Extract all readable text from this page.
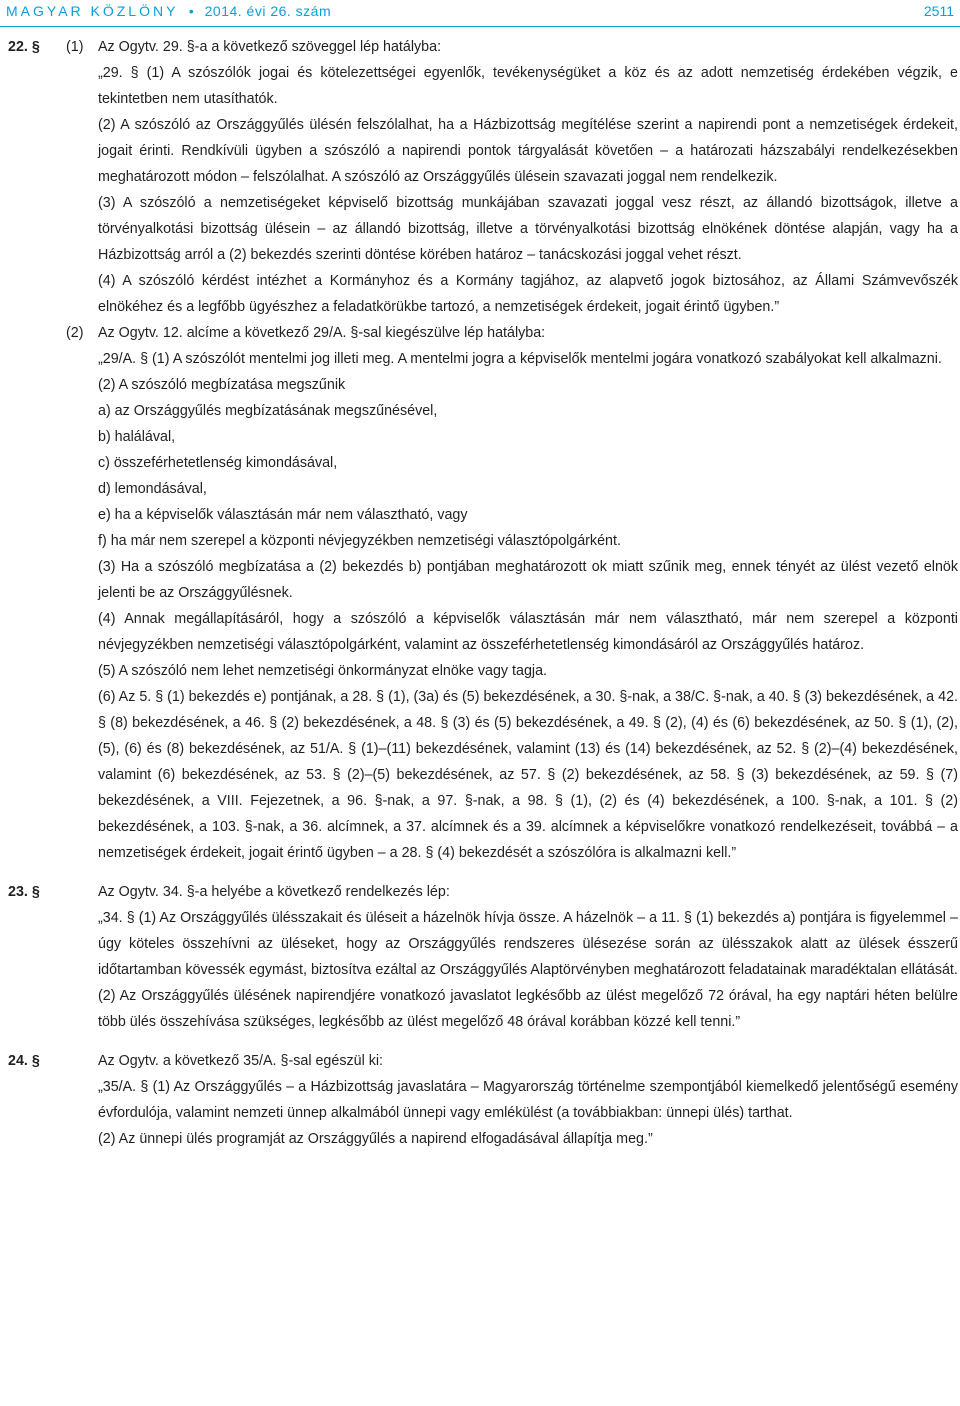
MAGYAR KÖZLÖNY • 2014. évi 26. szám	2511
22. § (1) Az Ogytv. 29. §-a a következő szöveggel lép hatályba:

„29. § (1) A szószólók jogai és kötelezettségei egyenlők, tevékenységüket a köz és az adott nemzetiség érdekében végzik, e tekintetben nem utasíthatók.

(2) A szószóló az Országgyűlés ülésén felszólalhat, ha a Házbizottság megítélése szerint a napirendi pont a nemzetiségek érdekeit, jogait érinti. Rendkívüli ügyben a szószóló a napirendi pontok tárgyalását követően – a határozati házszabályi rendelkezésekben meghatározott módon – felszólalhat. A szószóló az Országgyűlés ülésein szavazati joggal nem rendelkezik.

(3) A szószóló a nemzetiségeket képviselő bizottság munkájában szavazati joggal vesz részt, az állandó bizottságok, illetve a törvényalkotási bizottság ülésein – az állandó bizottság, illetve a törvényalkotási bizottság elnökének döntése alapján, vagy ha a Házbizottság arról a (2) bekezdés szerinti döntése körében határoz – tanácskozási joggal vehet részt.

(4) A szószóló kérdést intézhet a Kormányhoz és a Kormány tagjához, az alapvető jogok biztosához, az Állami Számvevőszék elnökéhez és a legfőbb ügyészhez a feladatkörükbe tartozó, a nemzetiségek érdekeit, jogait érintő ügyben.”

(2) Az Ogytv. 12. alcíme a következő 29/A. §-sal kiegészülve lép hatályba:

„29/A. § (1) A szószólót mentelmi jog illeti meg. A mentelmi jogra a képviselők mentelmi jogára vonatkozó szabályokat kell alkalmazni.

(2) A szószóló megbízatása megszűnik

a) az Országgyűlés megbízatásának megszűnésével,

b) halálával,

c) összeférhetetlenség kimondásával,

d) lemondásával,

e) ha a képviselők választásán már nem választható, vagy

f) ha már nem szerepel a központi névjegyzékben nemzetiségi választópolgárként.

(3) Ha a szószóló megbízatása a (2) bekezdés b) pontjában meghatározott ok miatt szűnik meg, ennek tényét az ülést vezető elnök jelenti be az Országgyűlésnek.

(4) Annak megállapításáról, hogy a szószóló a képviselők választásán már nem választható, már nem szerepel a központi névjegyzékben nemzetiségi választópolgárként, valamint az összeférhetetlenség kimondásáról az Országgyűlés határoz.

(5) A szószóló nem lehet nemzetiségi önkormányzat elnöke vagy tagja.

(6) Az 5. § (1) bekezdés e) pontjának, a 28. § (1), (3a) és (5) bekezdésének, a 30. §-nak, a 38/C. §-nak, a 40. § (3) bekezdésének, a 42. § (8) bekezdésének, a 46. § (2) bekezdésének, a 48. § (3) és (5) bekezdésének, a 49. § (2), (4) és (6) bekezdésének, az 50. § (1), (2), (5), (6) és (8) bekezdésének, az 51/A. § (1)–(11) bekezdésének, valamint (13) és (14) bekezdésének, az 52. § (2)–(4) bekezdésének, valamint (6) bekezdésének, az 53. § (2)–(5) bekezdésének, az 57. § (2) bekezdésének, az 58. § (3) bekezdésének, az 59. § (7) bekezdésének, a VIII. Fejezetnek, a 96. §-nak, a 97. §-nak, a 98. § (1), (2) és (4) bekezdésének, a 100. §-nak, a 101. § (2) bekezdésének, a 103. §-nak, a 36. alcímnek, a 37. alcímnek és a 39. alcímnek a képviselőkre vonatkozó rendelkezéseit, továbbá – a nemzetiségek érdekeit, jogait érintő ügyben – a 28. § (4) bekezdését a szószólóra is alkalmazni kell.”

23. §	Az Ogytv. 34. §-a helyébe a következő rendelkezés lép:

„34. § (1) Az Országgyűlés ülésszakait és üléseit a házelnök hívja össze. A házelnök – a 11. § (1) bekezdés a) pontjára is figyelemmel – úgy köteles összehívni az üléseket, hogy az Országgyűlés rendszeres ülésezése során az ülésszakok alatt az ülések ésszerű időtartamban kövessék egymást, biztosítva ezáltal az Országgyűlés Alaptörvényben meghatározott feladatainak maradéktalan ellátását.

(2) Az Országgyűlés ülésének napirendjére vonatkozó javaslatot legkésőbb az ülést megelőző 72 órával, ha egy naptári héten belülre több ülés összehívása szükséges, legkésőbb az ülést megelőző 48 órával korábban közzé kell tenni.”

24. §	Az Ogytv. a következő 35/A. §-sal egészül ki:

„35/A. § (1) Az Országgyűlés – a Házbizottság javaslatára – Magyarország történelme szempontjából kiemelkedő jelentőségű esemény évfordulója, valamint nemzeti ünnep alkalmából ünnepi vagy emlékülést (a továbbiakban: ünnepi ülés) tarthat.

(2) Az ünnepi ülés programját az Országgyűlés a napirend elfogadásával állapítja meg.”
